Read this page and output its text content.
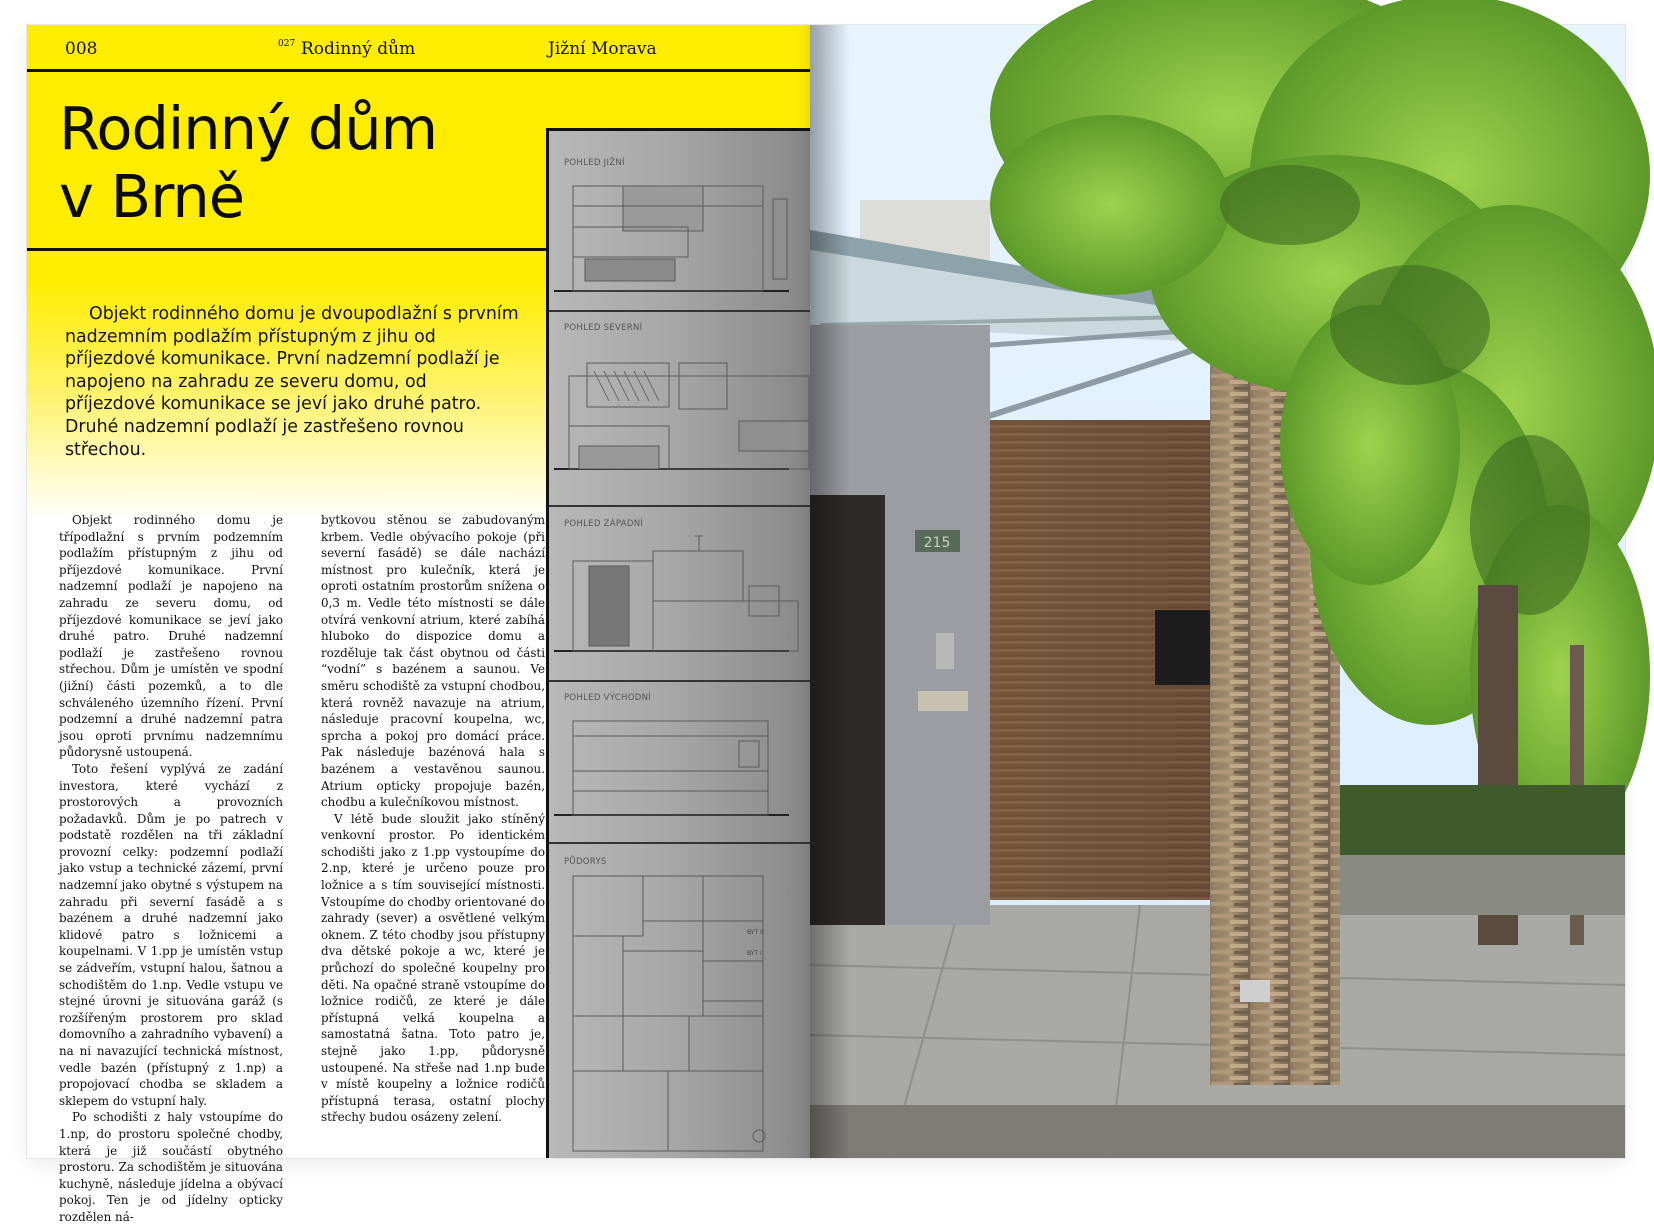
008	027 Rodinný dům	Jižní Morava
Rodinný dům
v Brně

Objekt rodinného domu je dvoupodlažní s prvním nadzemním podlažím přístupným z jihu od příjezdové komunikace. První nadzemní podlaží je napojeno na zahradu ze severu domu, od příjezdové komunikace se jeví jako druhé patro. Druhé nadzemní podlaží je zastřešeno rovnou střechou.

Objekt rodinného domu je třípodlažní s prvním podzemním podlažím přístupným z jihu od příjezdové komunikace. První nadzemní podlaží je napojeno na zahradu ze severu domu, od příjezdové komunikace se jeví jako druhé patro. Druhé nadzemní podlaží je zastřešeno rovnou střechou. Dům je umístěn ve spodní (jižní) části pozemků, a to dle schváleného územního řízení. První podzemní a druhé nadzemní patra jsou oproti prvnímu nadzemnímu půdorysně ustoupená.

Toto řešení vyplývá ze zadání investora, které vychází z prostorových a provozních požadavků. Dům je po patrech v podstatě rozdělen na tři základní provozní celky: podzemní podlaží jako vstup a technické zázemí, první nadzemní jako obytné s výstupem na zahradu při severní fasádě a s bazénem a druhé nadzemní jako klidové patro s ložnicemi a koupelnami. V 1.pp je umístěn vstup se zádveřím, vstupní halou, šatnou a schodištěm do 1.np. Vedle vstupu ve stejné úrovni je situována garáž (s rozšířeným prostorem pro sklad domovního a zahradního vybavení) a na ni navazující technická místnost, vedle bazén (přístupný z 1.np) a propojovací chodba se skladem a sklepem do vstupní haly.

Po schodišti z haly vstoupíme do 1.np, do prostoru společné chodby, která je již součástí obytného prostoru. Za schodištěm je situována kuchyně, následuje jídelna a obývací pokoj. Ten je od jídelny opticky rozdělen ná-

bytkovou stěnou se zabudovaným krbem. Vedle obývacího pokoje (při severní fasádě) se dále nachází místnost pro kulečník, která je oproti ostatním prostorům snížena o 0,3 m. Vedle této místnosti se dále otvírá venkovní atrium, které zabíhá hluboko do dispozice domu a rozděluje tak část obytnou od části “vodní” s bazénem a saunou. Ve směru schodiště za vstupní chodbou, která rovněž navazuje na atrium, následuje pracovní koupelna, wc, sprcha a pokoj pro domácí práce. Pak následuje bazénová hala s bazénem a vestavěnou saunou. Atrium opticky propojuje bazén, chodbu a kulečníkovou místnost.

V létě bude sloužit jako stíněný venkovní prostor. Po identickém schodišti jako z 1.pp vystoupíme do 2.np, které je určeno pouze pro ložnice a s tím související místnosti. Vstoupíme do chodby orientované do zahrady (sever) a osvětlené velkým oknem. Z této chodby jsou přístupny dva dětské pokoje a wc, které je průchozí do společné koupelny pro děti. Na opačné straně vstoupíme do ložnice rodičů, ze které je dále přístupná velká koupelna a samostatná šatna. Toto patro je, stejně jako 1.pp, půdorysně ustoupené. Na střeše nad 1.np bude v místě koupelny a ložnice rodičů přístupná terasa, ostatní plochy střechy budou osázeny zelení.

POHLED JIŽNÍ
POHLED SEVERNÍ
POHLED ZÁPADNÍ
POHLED VÝCHODNÍ
PŮDORYS
BYT II
BYT I
215
